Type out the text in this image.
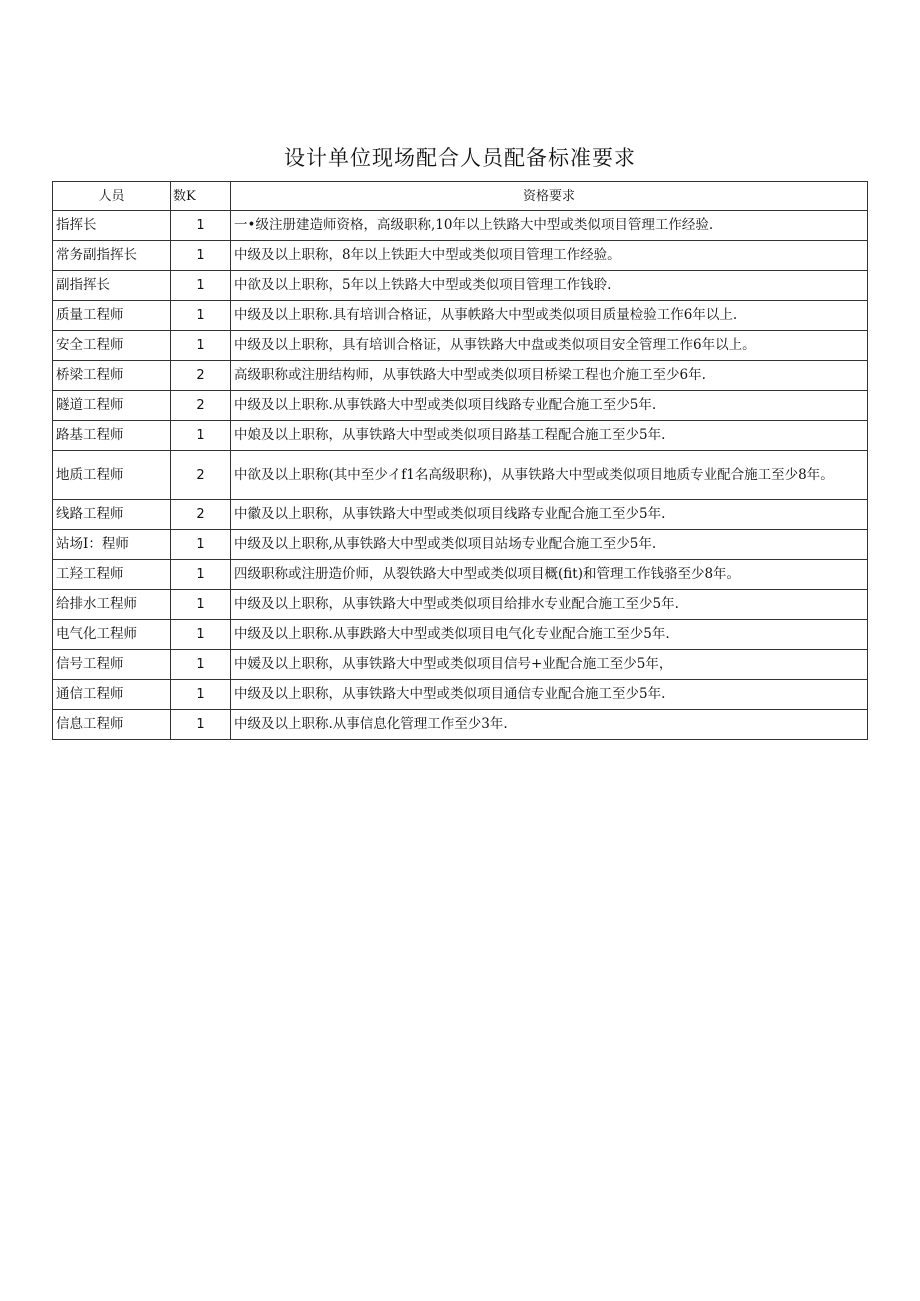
设计单位现场配合人员配备标准要求
人员	数K	资格要求
指挥长	1	一•级注册建造师资格，高级职称,10年以上铁路大中型或类似项目管理工作经验.
常务副指挥长	1	中级及以上职称，8年以上铁距大中型或类似项目管理工作经验。
副指挥长	1	中欲及以上职称，5年以上铁路大中型或类似项目管理工作钱聆.
质量工程师	1	中级及以上职称.具有培训合格证，从事帙路大中型或类似项目质量检验工作6年以上.
安全工程师	1	中级及以上职称，具有培训合格证，从事铁路大中盘或类似项目安全管理工作6年以上。
桥梁工程师	2	高级职称或注册结构师，从事铁路大中型或类似项目桥梁工程也介施工至少6年.
隧道工程师	2	中级及以上职称.从事铁路大中型或类似项目线路专业配合施工至少5年.
路基工程师	1	中娘及以上职称，从事铁路大中型或类似项目路基工程配合施工至少5年.
地质工程师	2	中欲及以上职称(其中至少イf1名高级职称)，从事铁路大中型或类似项目地质专业配合施工至少8年。
线路工程师	2	中徽及以上职称，从事铁路大中型或类似项目线路专业配合施工至少5年.
站场Ⅰ：程师	1	中级及以上职称,从事铁路大中型或类似项目站场专业配合施工至少5年.
工羟工程师	1	四级职称或注册造价师，从裂铁路大中型或类似项目概(fit)和管理工作钱骆至少8年。
给排水工程师	1	中级及以上职称，从事铁路大中型或类似项目给排水专业配合施工至少5年.
电气化工程师	1	中级及以上职称.从事跌路大中型或类似项目电气化专业配合施工至少5年.
信号工程师	1	中媛及以上职称，从事铁路大中型或类似项目信号+业配合施工至少5年，
通信工程师	1	中级及以上职称，从事铁路大中型或类似项目通信专业配合施工至少5年.
信息工程师	1	中级及以上职称.从事信息化管理工作至少3年.
